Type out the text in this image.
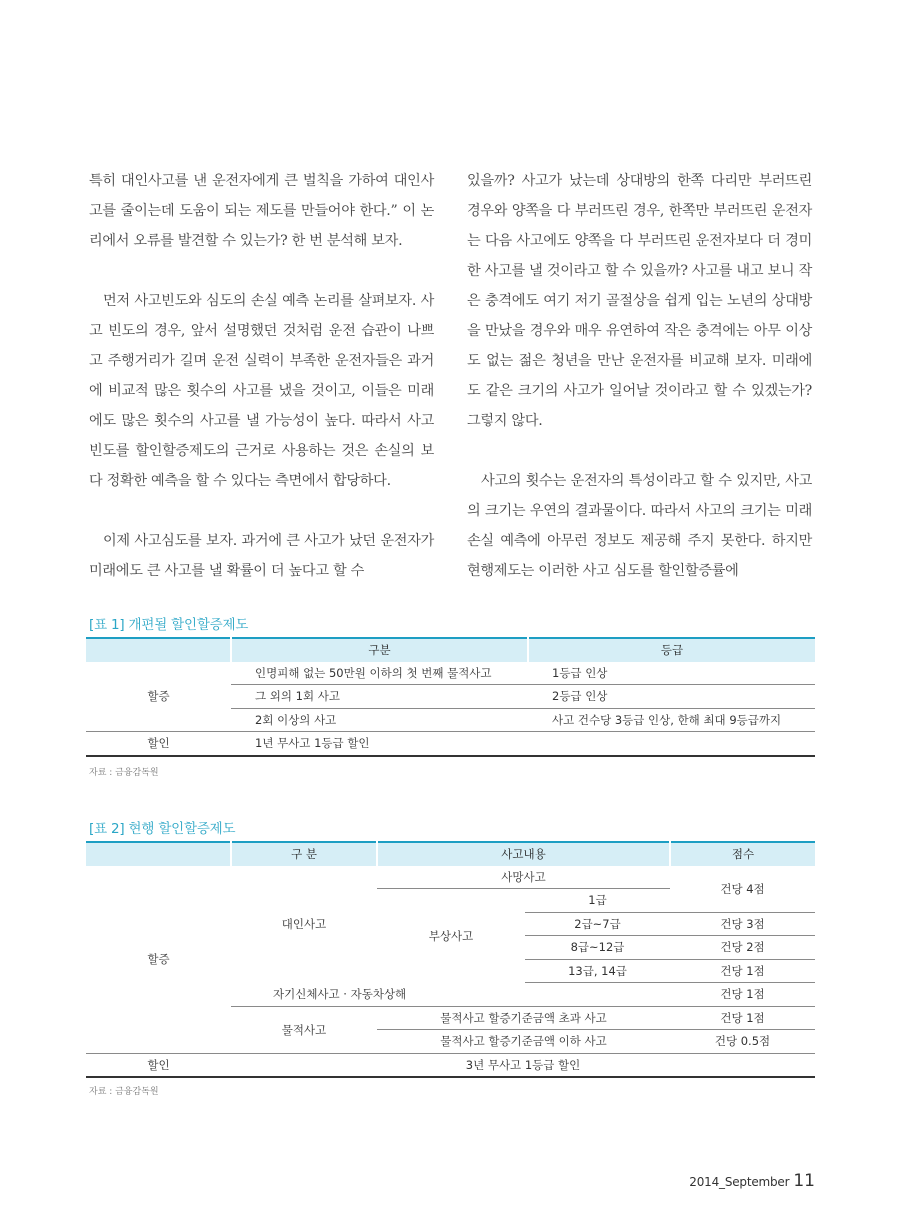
특히 대인사고를 낸 운전자에게 큰 벌칙을 가하여 대인사고를 줄이는데 도움이 되는 제도를 만들어야 한다.” 이 논리에서 오류를 발견할 수 있는가? 한 번 분석해 보자.

먼저 사고빈도와 심도의 손실 예측 논리를 살펴보자. 사고 빈도의 경우, 앞서 설명했던 것처럼 운전 습관이 나쁘고 주행거리가 길며 운전 실력이 부족한 운전자들은 과거에 비교적 많은 횟수의 사고를 냈을 것이고, 이들은 미래에도 많은 횟수의 사고를 낼 가능성이 높다. 따라서 사고빈도를 할인할증제도의 근거로 사용하는 것은 손실의 보다 정확한 예측을 할 수 있다는 측면에서 합당하다.

이제 사고심도를 보자. 과거에 큰 사고가 났던 운전자가 미래에도 큰 사고를 낼 확률이 더 높다고 할 수

있을까? 사고가 났는데 상대방의 한쪽 다리만 부러뜨린 경우와 양쪽을 다 부러뜨린 경우, 한쪽만 부러뜨린 운전자는 다음 사고에도 양쪽을 다 부러뜨린 운전자보다 더 경미한 사고를 낼 것이라고 할 수 있을까? 사고를 내고 보니 작은 충격에도 여기 저기 골절상을 쉽게 입는 노년의 상대방을 만났을 경우와 매우 유연하여 작은 충격에는 아무 이상도 없는 젊은 청년을 만난 운전자를 비교해 보자. 미래에도 같은 크기의 사고가 일어날 것이라고 할 수 있겠는가? 그렇지 않다.

사고의 횟수는 운전자의 특성이라고 할 수 있지만, 사고의 크기는 우연의 결과물이다. 따라서 사고의 크기는 미래 손실 예측에 아무런 정보도 제공해 주지 못한다. 하지만 현행제도는 이러한 사고 심도를 할인할증률에

[표 1] 개편될 할인할증제도
	구분	등급
할증	인명피해 없는 50만원 이하의 첫 번째 물적사고	1등급 인상
	그 외의 1회 사고	2등급 인상
	2회 이상의 사고	사고 건수당 3등급 인상, 한해 최대 9등급까지
할인	1년 무사고 1등급 할인	
자료 : 금융감독원
[표 2] 현행 할인할증제도
	구 분	사고내용		점수
할증	대인사고	사망사고		건당 4점
		부상사고	1급	
			2급~7급	건당 3점
			8급~12급	건당 2점
			13급, 14급	건당 1점
	자기신체사고 · 자동차상해			건당 1점
	물적사고	물적사고 할증기준금액 초과 사고		건당 1점
		물적사고 할증기준금액 이하 사고		건당 0.5점
할인	3년 무사고 1등급 할인			
자료 : 금융감독원
2014_September 11
